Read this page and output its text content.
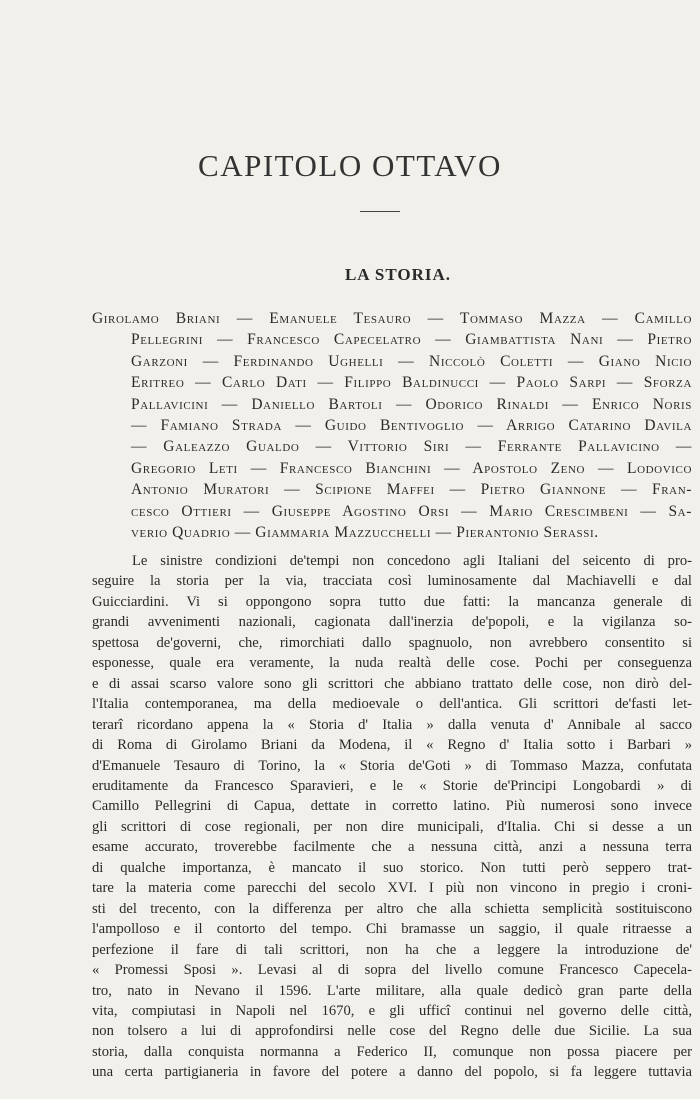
CAPITOLO OTTAVO
LA STORIA.
Girolamo Briani — Emanuele Tesauro — Tommaso Mazza — Camillo
Pellegrini — Francesco Capecelatro — Giambattista Nani — Pietro
Garzoni — Ferdinando Ughelli — Niccolò Coletti — Giano Nicio
Eritreo — Carlo Dati — Filippo Baldinucci — Paolo Sarpi — Sforza
Pallavicini — Daniello Bartoli — Odorico Rinaldi — Enrico Noris
— Famiano Strada — Guido Bentivoglio — Arrigo Catarino Davila
— Galeazzo Gualdo — Vittorio Siri — Ferrante Pallavicino —
Gregorio Leti — Francesco Bianchini — Apostolo Zeno — Lodovico
Antonio Muratori — Scipione Maffei — Pietro Giannone — Fran-
cesco Ottieri — Giuseppe Agostino Orsi — Mario Crescimbeni — Sa-
verio Quadrio — Giammaria Mazzucchelli — Pierantonio Serassi.
Le sinistre condizioni de'tempi non concedono agli Italiani del seicento di pro-
seguire la storia per la via, tracciata così luminosamente dal Machiavelli e dal
Guicciardini. Vi si oppongono sopra tutto due fatti: la mancanza generale di
grandi avvenimenti nazionali, cagionata dall'inerzia de'popoli, e la vigilanza so-
spettosa de'governi, che, rimorchiati dallo spagnuolo, non avrebbero consentito si
esponesse, quale era veramente, la nuda realtà delle cose. Pochi per conseguenza
e di assai scarso valore sono gli scrittori che abbiano trattato delle cose, non dirò del-
l'Italia contemporanea, ma della medioevale o dell'antica. Gli scrittori de'fasti let-
terarî ricordano appena la « Storia d' Italia » dalla venuta d' Annibale al sacco
di Roma di Girolamo Briani da Modena, il « Regno d' Italia sotto i Barbari »
d'Emanuele Tesauro di Torino, la « Storia de'Goti » di Tommaso Mazza, confutata
eruditamente da Francesco Sparavieri, e le « Storie de'Principi Longobardi » di
Camillo Pellegrini di Capua, dettate in corretto latino. Più numerosi sono invece
gli scrittori di cose regionali, per non dire municipali, d'Italia. Chi si desse a un
esame accurato, troverebbe facilmente che a nessuna città, anzi a nessuna terra
di qualche importanza, è mancato il suo storico. Non tutti però seppero trat-
tare la materia come parecchi del secolo XVI. I più non vincono in pregio i croni-
sti del trecento, con la differenza per altro che alla schietta semplicità sostituiscono
l'ampolloso e il contorto del tempo. Chi bramasse un saggio, il quale ritraesse a
perfezione il fare di tali scrittori, non ha che a leggere la introduzione de'
« Promessi Sposi ». Levasi al di sopra del livello comune Francesco Capecela-
tro, nato in Nevano il 1596. L'arte militare, alla quale dedicò gran parte della
vita, compiutasi in Napoli nel 1670, e gli ufficî continui nel governo delle città,
non tolsero a lui di approfondirsi nelle cose del Regno delle due Sicilie. La sua
storia, dalla conquista normanna a Federico II, comunque non possa piacere per
una certa partigianeria in favore del potere a danno del popolo, si fa leggere tuttavia
